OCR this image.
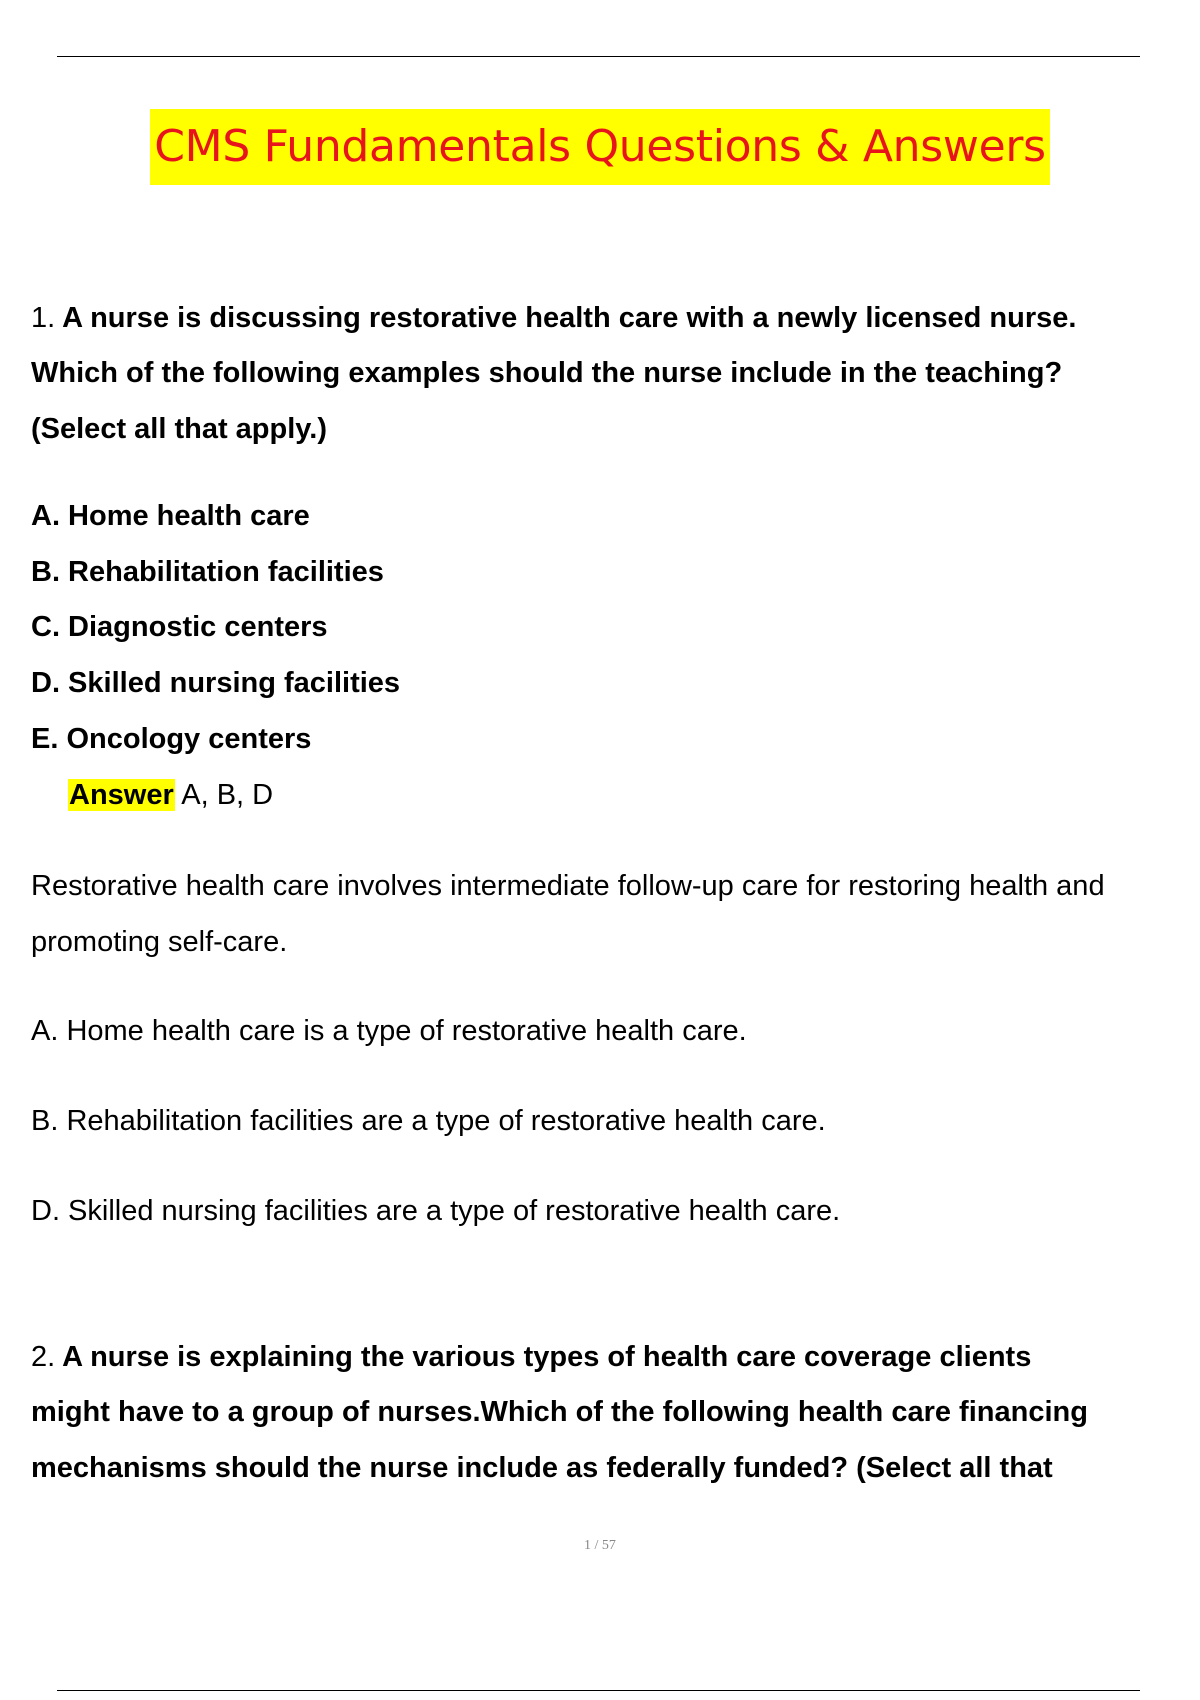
CMS Fundamentals Questions & Answers
1. A nurse is discussing restorative health care with a newly licensed nurse.
Which of the following examples should the nurse include in the teaching?
(Select all that apply.)
A. Home health care
B. Rehabilitation facilities
C. Diagnostic centers
D. Skilled nursing facilities
E. Oncology centers
Answer A, B, D
Restorative health care involves intermediate follow-up care for restoring health and
promoting self-care.
A. Home health care is a type of restorative health care.
B. Rehabilitation facilities are a type of restorative health care.
D. Skilled nursing facilities are a type of restorative health care.
2. A nurse is explaining the various types of health care coverage clients
might have to a group of nurses.Which of the following health care financing
mechanisms should the nurse include as federally funded? (Select all that
1 / 57
